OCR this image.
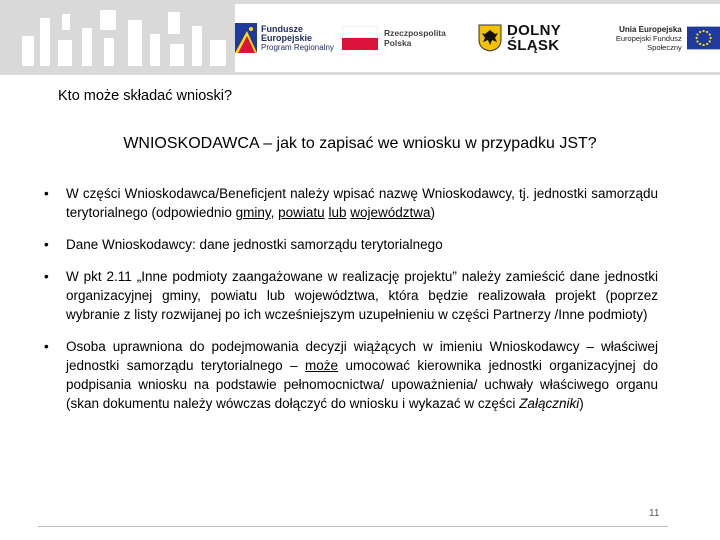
Fundusze
Europejskie
Program Regionalny
Rzeczpospolita
Polska
DOLNY
ŚLĄSK
Unia Europejska
Europejski Fundusz Społeczny
Kto może składać wnioski?
WNIOSKODAWCA – jak to zapisać we wniosku w przypadku JST?
• W części Wnioskodawca/Beneficjent należy wpisać nazwę Wnioskodawcy, tj. jednostki samorządu terytorialnego (odpowiednio gminy, powiatu lub województwa)
• Dane Wnioskodawcy: dane jednostki samorządu terytorialnego
• W pkt 2.11 „Inne podmioty zaangażowane w realizację projektu” należy zamieścić dane jednostki organizacyjnej gminy, powiatu lub województwa, która będzie realizowała projekt (poprzez wybranie z listy rozwijanej po ich wcześniejszym uzupełnieniu w części Partnerzy /Inne podmioty)
• Osoba uprawniona do podejmowania decyzji wiążących w imieniu Wnioskodawcy – właściwej jednostki samorządu terytorialnego – może umocować kierownika jednostki organizacyjnej do podpisania wniosku na podstawie pełnomocnictwa/ upoważnienia/ uchwały właściwego organu (skan dokumentu należy wówczas dołączyć do wniosku i wykazać w części Załączniki)
11
